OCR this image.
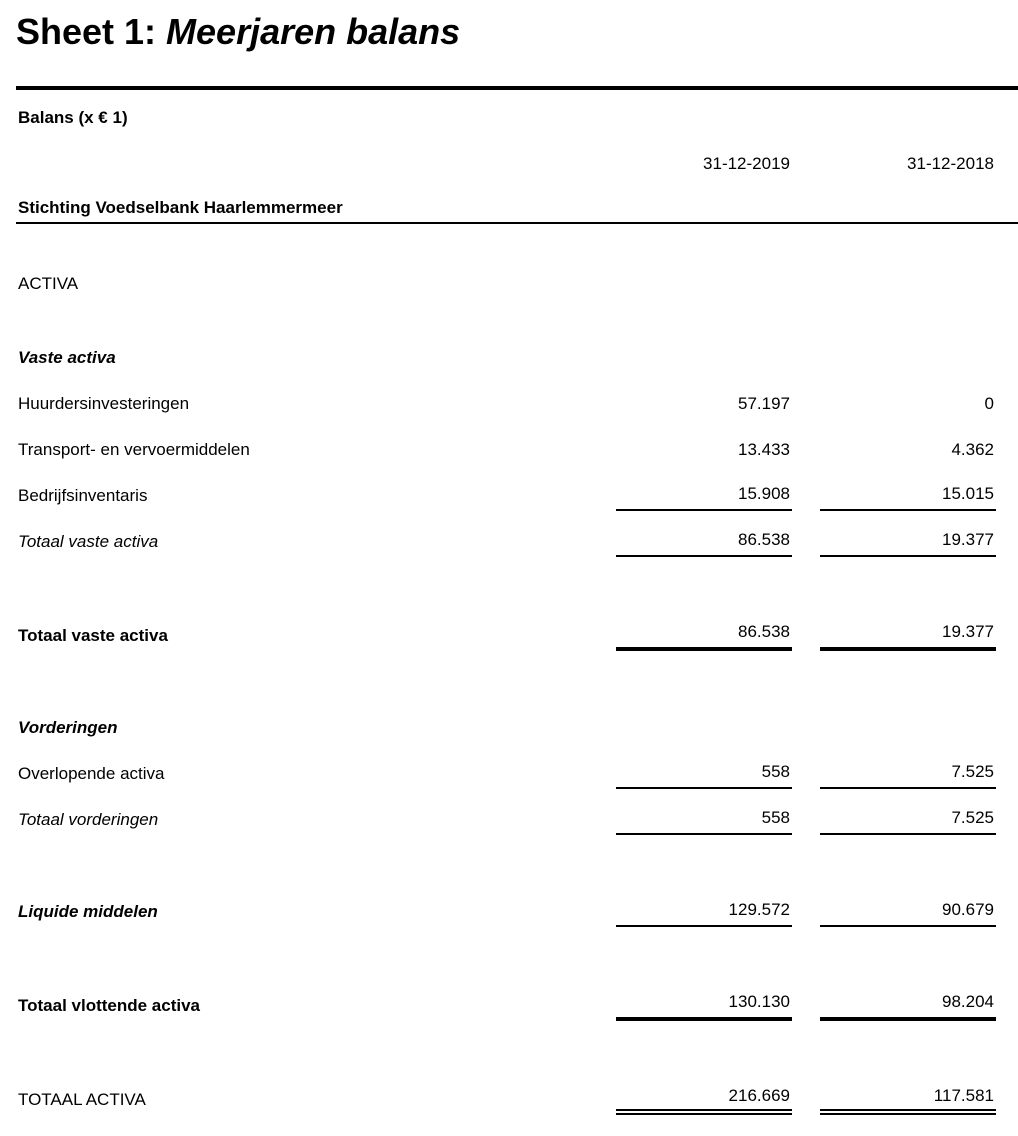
Sheet 1: Meerjaren balans
Balans (x € 1)
31-12-2019	31-12-2018
Stichting Voedselbank Haarlemmermeer
ACTIVA
Vaste activa
Huurdersinvesteringen	57.197	0
Transport- en vervoermiddelen	13.433	4.362
Bedrijfsinventaris	15.908	15.015
Totaal vaste activa	86.538	19.377
Totaal vaste activa	86.538	19.377
Vorderingen
Overlopende activa	558	7.525
Totaal vorderingen	558	7.525
Liquide middelen	129.572	90.679
Totaal vlottende activa	130.130	98.204
TOTAAL ACTIVA	216.669	117.581
